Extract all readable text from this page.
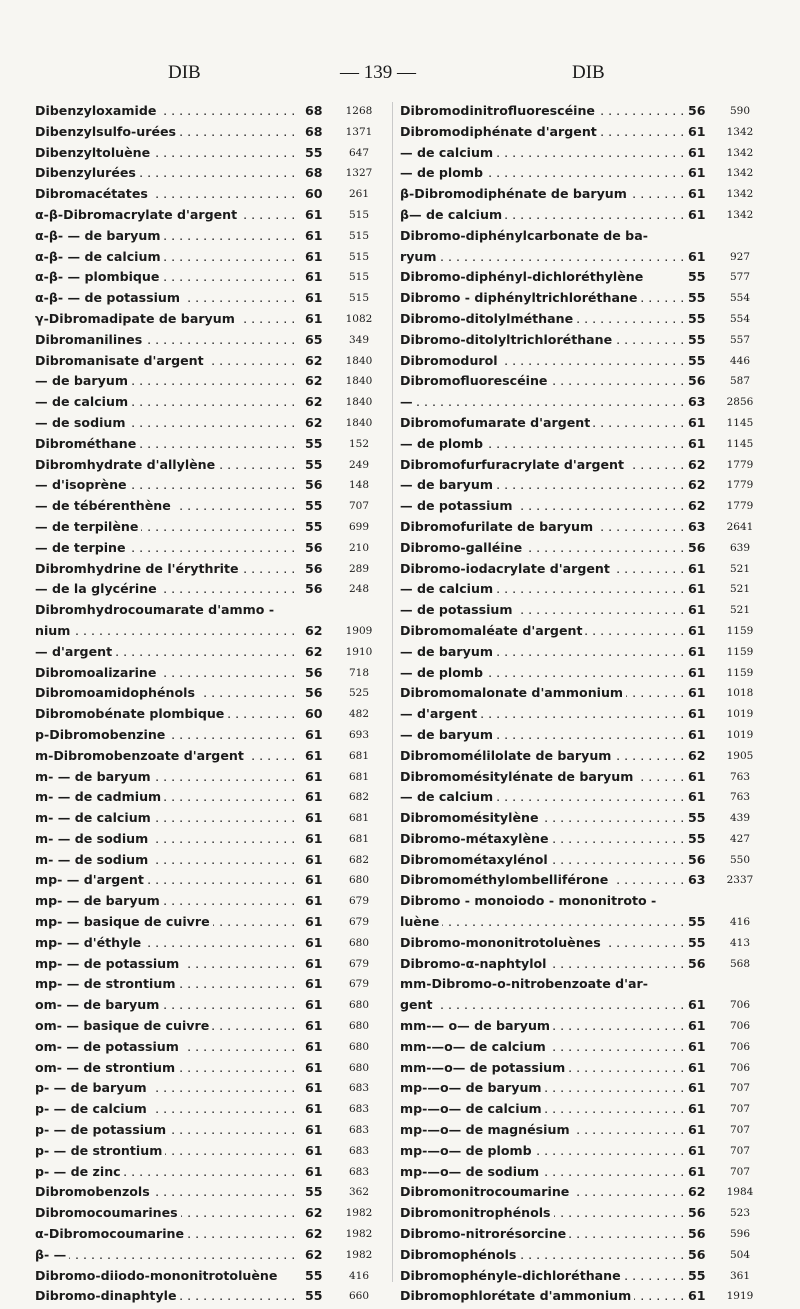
DIB	— 139 —	DIB
Dibenzyloxamide . . .	68	1268
Dibenzylsulfo-urées . . .	68	1371
Dibenzyltoluène . . .	55	647
Dibenzylurées . . .	68	1327
Dibromacétates . . .	60	261
α-β-Dibromacrylate d'argent . . .	61	515
α-β- — de baryum . . .	61	515
α-β- — de calcium . . .	61	515
α-β- — plombique . . .	61	515
α-β- — de potassium . . .	61	515
γ-Dibromadipate de baryum . . .	61	1082
Dibromanilines . . .	65	349
Dibromanisate d'argent . . .	62	1840
— de baryum . . .	62	1840
— de calcium . . .	62	1840
— de sodium . . .	62	1840
Dibrométhane . . .	55	152
Dibromhydrate d'allylène . . .	55	249
— d'isoprène . . .	56	148
— de tébérenthène . . .	55	707
— de terpilène . . .	55	699
— de terpine . . .	56	210
Dibromhydrine de l'érythrite . . .	56	289
— de la glycérine . . .	56	248
Dibromhydrocoumarate d'ammo -
nium . . .	62	1909
— d'argent . . .	62	1910
Dibromoalizarine . . .	56	718
Dibromoamidophénols . . .	56	525
Dibromobénate plombique . . .	60	482
p-Dibromobenzine . . .	61	693
m-Dibromobenzoate d'argent . . .	61	681
m- — de baryum . . .	61	681
m- — de cadmium . . .	61	682
m- — de calcium . . .	61	681
m- — de sodium . . .	61	681
m- — de sodium . . .	61	682
mp- — d'argent . . .	61	680
mp- — de baryum . . .	61	679
mp- — basique de cuivre . . .	61	679
mp- — d'éthyle . . .	61	680
mp- — de potassium . . .	61	679
mp- — de strontium . . .	61	679
om- — de baryum . . .	61	680
om- — basique de cuivre . . .	61	680
om- — de potassium . . .	61	680
om- — de strontium . . .	61	680
p- — de baryum . . .	61	683
p- — de calcium . . .	61	683
p- — de potassium . . .	61	683
p- — de strontium . . .	61	683
p- — de zinc . . .	61	683
Dibromobenzols . . .	55	362
Dibromocoumarines . . .	62	1982
α-Dibromocoumarine . . .	62	1982
β- — . . .	62	1982
Dibromo-diiodo-mononitrotoluène	55	416
Dibromo-dinaphtyle . . .	55	660
Dibromodinitrofluorescéine . . .	56	590
Dibromodiphénate d'argent . . .	61	1342
— de calcium . . .	61	1342
— de plomb . . .	61	1342
β-Dibromodiphénate de baryum . . .	61	1342
β— de calcium . . .	61	1342
Dibromo-diphénylcarbonate de ba-
ryum . . .	61	927
Dibromo-diphényl-dichloréthylène	55	577
Dibromo - diphényltrichloréthane . . .	55	554
Dibromo-ditolylméthane . . .	55	554
Dibromo-ditolyltrichloréthane . . .	55	557
Dibromodurol . . .	55	446
Dibromofluorescéine . . .	56	587
— . . .	63	2856
Dibromofumarate d'argent . . .	61	1145
— de plomb . . .	61	1145
Dibromofurfuracrylate d'argent . . .	62	1779
— de baryum . . .	62	1779
— de potassium . . .	62	1779
Dibromofurilate de baryum . . .	63	2641
Dibromo-galléine . . .	56	639
Dibromo-iodacrylate d'argent . . .	61	521
— de calcium . . .	61	521
— de potassium . . .	61	521
Dibromomaléate d'argent . . .	61	1159
— de baryum . . .	61	1159
— de plomb . . .	61	1159
Dibromomalonate d'ammonium . . .	61	1018
— d'argent . . .	61	1019
— de baryum . . .	61	1019
Dibromomélilolate de baryum . . .	62	1905
Dibromomésitylénate de baryum . . .	61	763
— de calcium . . .	61	763
Dibromomésitylène . . .	55	439
Dibromo-métaxylène . . .	55	427
Dibromométaxylénol . . .	56	550
Dibromométhylombelliférone . . .	63	2337
Dibromo - monoiodo - mononitroto -
luène . . .	55	416
Dibromo-mononitrotoluènes . . .	55	413
Dibromo-α-naphtylol . . .	56	568
mm-Dibromo-o-nitrobenzoate d'ar-
gent . . .	61	706
mm-— o— de baryum . . .	61	706
mm-—o— de calcium . . .	61	706
mm-—o— de potassium . . .	61	706
mp-—o— de baryum . . .	61	707
mp-—o— de calcium . . .	61	707
mp-—o— de magnésium . . .	61	707
mp-—o— de plomb . . .	61	707
mp-—o— de sodium . . .	61	707
Dibromonitrocoumarine . . .	62	1984
Dibromonitrophénols . . .	56	523
Dibromo-nitrorésorcine . . .	56	596
Dibromophénols . . .	56	504
Dibromophényle-dichloréthane . . .	55	361
Dibromophlorétate d'ammonium . . .	61	1919
